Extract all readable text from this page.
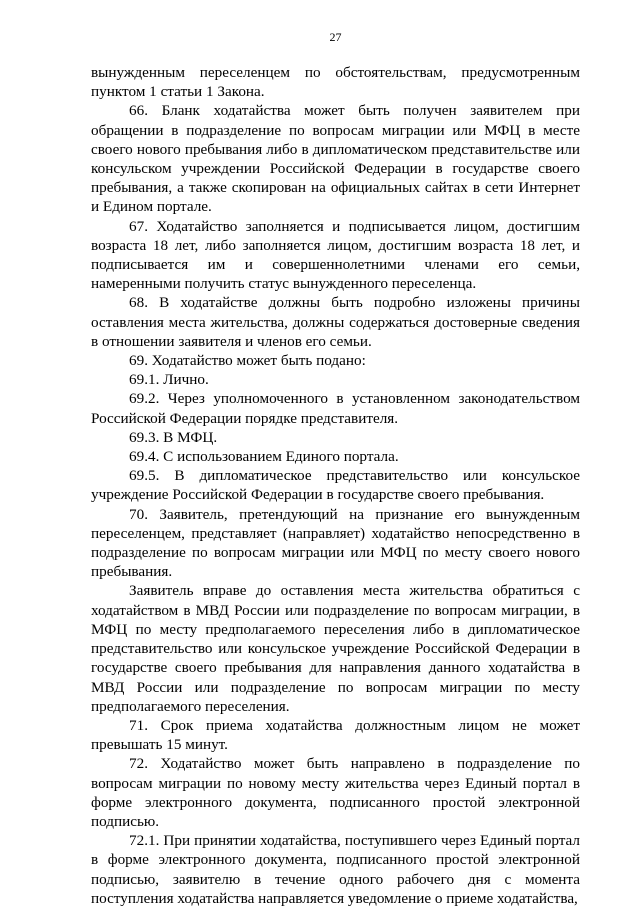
27

вынужденным переселенцем по обстоятельствам, предусмотренным пунктом 1 статьи 1 Закона.

66. Бланк ходатайства может быть получен заявителем при обращении в подразделение по вопросам миграции или МФЦ в месте своего нового пребывания либо в дипломатическом представительстве или консульском учреждении Российской Федерации в государстве своего пребывания, а также скопирован на официальных сайтах в сети Интернет и Едином портале.

67. Ходатайство заполняется и подписывается лицом, достигшим возраста 18 лет, либо заполняется лицом, достигшим возраста 18 лет, и подписывается им и совершеннолетними членами его семьи, намеренными получить статус вынужденного переселенца.

68. В ходатайстве должны быть подробно изложены причины оставления места жительства, должны содержаться достоверные сведения в отношении заявителя и членов его семьи.

69. Ходатайство может быть подано:

69.1. Лично.

69.2. Через уполномоченного в установленном законодательством Российской Федерации порядке представителя.

69.3. В МФЦ.

69.4. С использованием Единого портала.

69.5. В дипломатическое представительство или консульское учреждение Российской Федерации в государстве своего пребывания.

70. Заявитель, претендующий на признание его вынужденным переселенцем, представляет (направляет) ходатайство непосредственно в подразделение по вопросам миграции или МФЦ по месту своего нового пребывания.

Заявитель вправе до оставления места жительства обратиться с ходатайством в МВД России или подразделение по вопросам миграции, в МФЦ по месту предполагаемого переселения либо в дипломатическое представительство или консульское учреждение Российской Федерации в государстве своего пребывания для направления данного ходатайства в МВД России или подразделение по вопросам миграции по месту предполагаемого переселения.

71. Срок приема ходатайства должностным лицом не может превышать 15 минут.

72. Ходатайство может быть направлено в подразделение по вопросам миграции по новому месту жительства через Единый портал в форме электронного документа, подписанного простой электронной подписью.

72.1. При принятии ходатайства, поступившего через Единый портал в форме электронного документа, подписанного простой электронной подписью, заявителю в течение одного рабочего дня с момента поступления ходатайства направляется уведомление о приеме ходатайства,
